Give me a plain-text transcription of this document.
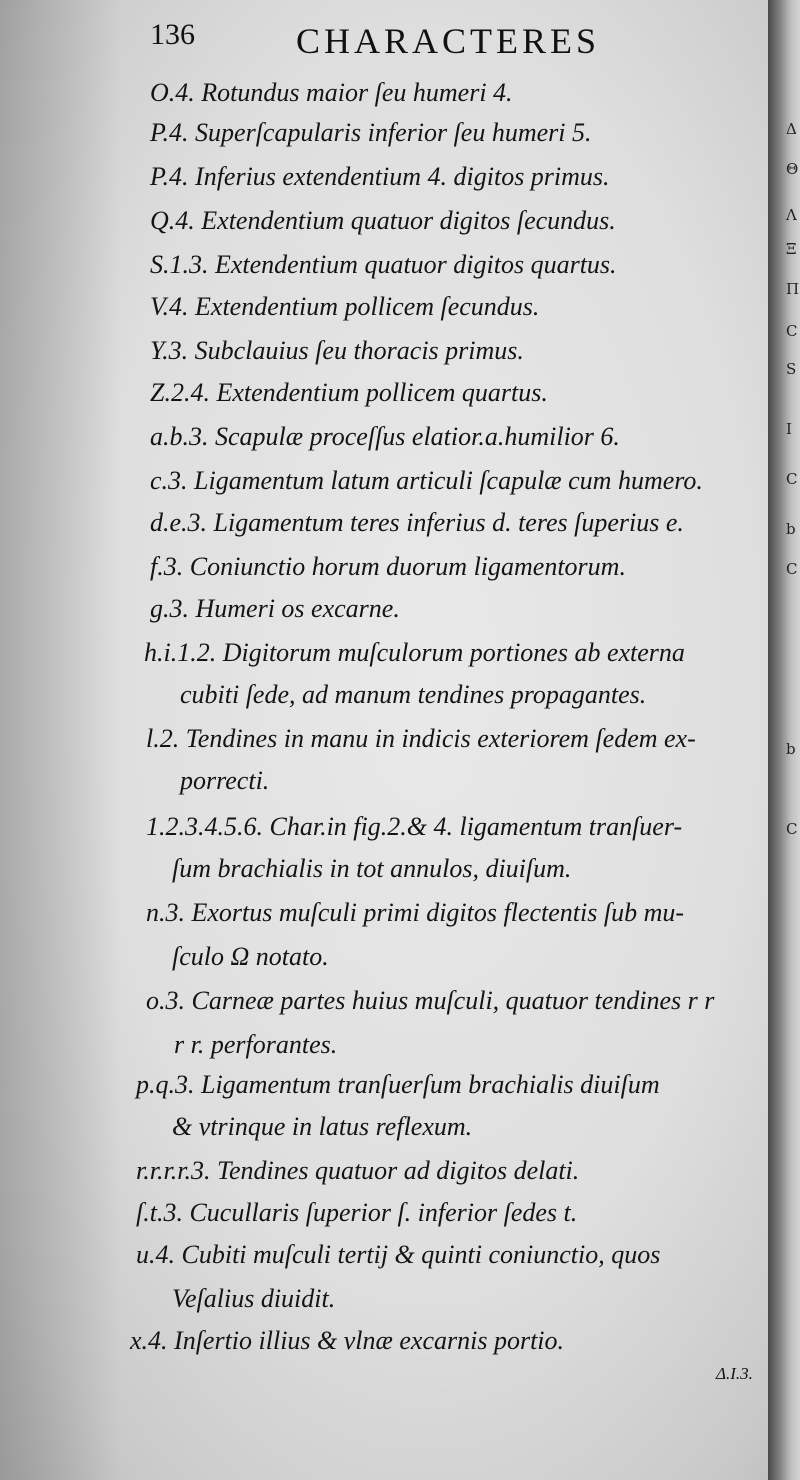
136	CHARACTERES
O.4. Rotundus maior ſeu humeri 4.
P.4. Superſcapularis inferior ſeu humeri 5.
P.4. Inferius extendentium 4. digitos primus.
Q.4. Extendentium quatuor digitos ſecundus.
S.1.3. Extendentium quatuor digitos quartus.
V.4. Extendentium pollicem ſecundus.
Y.3. Subclauius ſeu thoracis primus.
Z.2.4. Extendentium pollicem quartus.
a.b.3. Scapulæ proceſſus elatior.a.humilior 6.
c.3. Ligamentum latum articuli ſcapulæ cum humero.
d.e.3. Ligamentum teres inferius d. teres ſuperius e.
f.3. Coniunctio horum duorum ligamentorum.
g.3. Humeri os excarne.
h.i.1.2. Digitorum muſculorum portiones ab externa
cubiti ſede, ad manum tendines propagantes.
l.2. Tendines in manu in indicis exteriorem ſedem ex-
porrecti.
1.2.3.4.5.6. Char.in fig.2.& 4. ligamentum tranſuer-
ſum brachialis in tot annulos, diuiſum.
n.3. Exortus muſculi primi digitos flectentis ſub mu-
ſculo Ω notato.
o.3. Carneæ partes huius muſculi, quatuor tendines r r
r r. perforantes.
p.q.3. Ligamentum tranſuerſum brachialis diuiſum
& vtrinque in latus reflexum.
r.r.r.r.3. Tendines quatuor ad digitos delati.
ſ.t.3. Cucullaris ſuperior ſ. inferior ſedes t.
u.4. Cubiti muſculi tertij & quinti coniunctio, quos
Veſalius diuidit.
x.4. Inſertio illius & vlnæ excarnis portio.
Δ.I.3.
Δ
Θ
Λ
Ξ
Π
C
S
I
C
b
C
b
C
